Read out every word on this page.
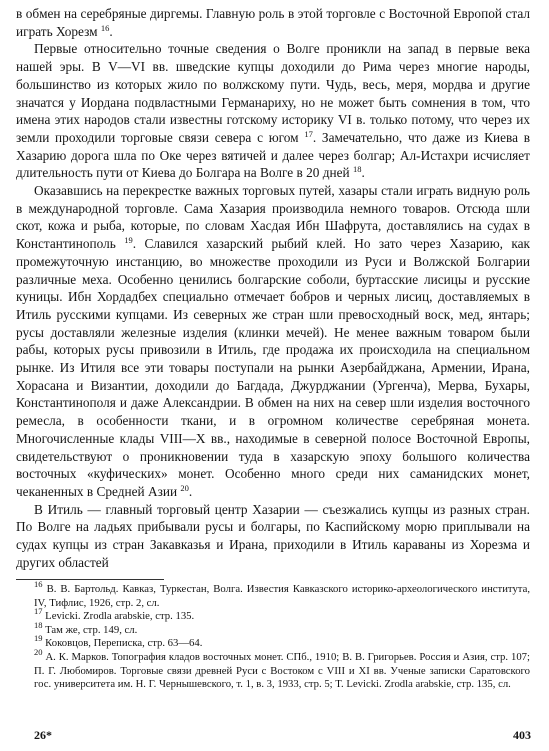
в обмен на серебряные диргемы. Главную роль в этой торговле с Восточной Европой стал играть Хорезм $^{16}$.

Первые относительно точные сведения о Волге проникли на запад в первые века нашей эры. В V—VI вв. шведские купцы доходили до Рима через многие народы, большинство из которых жило по волжскому пути. Чудь, весь, меря, мордва и другие значатся у Иордана подвластными Германариху, но не может быть сомнения в том, что имена этих народов стали известны готскому историку VI в. только потому, что через их земли проходили торговые связи севера с югом $^{17}$. Замечательно, что даже из Киева в Хазарию дорога шла по Оке через вятичей и далее через болгар; Ал-Истахри исчисляет длительность пути от Киева до Болгара на Волге в 20 дней $^{18}$.

Оказавшись на перекрестке важных торговых путей, хазары стали играть видную роль в международной торговле. Сама Хазария производила немного товаров. Отсюда шли скот, кожа и рыба, которые, по словам Хасдая Ибн Шафрута, доставлялись на судах в Константинополь $^{19}$. Славился хазарский рыбий клей. Но зато через Хазарию, как промежуточную инстанцию, во множестве проходили из Руси и Волжской Болгарии различные меха. Особенно ценились болгарские соболи, буртасские лисицы и русские куницы. Ибн Хордадбех специально отмечает бобров и черных лисиц, доставляемых в Итиль русскими купцами. Из северных же стран шли превосходный воск, мед, янтарь; русы доставляли железные изделия (клинки мечей). Не менее важным товаром были рабы, которых русы привозили в Итиль, где продажа их происходила на специальном рынке. Из Итиля все эти товары поступали на рынки Азербайджана, Армении, Ирана, Хорасана и Византии, доходили до Багдада, Джурджании (Ургенча), Мерва, Бухары, Константинополя и даже Александрии. В обмен на них на север шли изделия восточного ремесла, в особенности ткани, и в огромном количестве серебряная монета. Многочисленные клады VIII—X вв., находимые в северной полосе Восточной Европы, свидетельствуют о проникновении туда в хазарскую эпоху большого количества восточных «куфических» монет. Особенно много среди них саманидских монет, чеканенных в Средней Азии $^{20}$.

В Итиль — главный торговый центр Хазарии — съезжались купцы из разных стран. По Волге на ладьях прибывали русы и болгары, по Каспийскому морю приплывали на судах купцы из стран Закавказья и Ирана, приходили в Итиль караваны из Хорезма и других областей

$^{16}$ В. В. Бартольд. Кавказ, Туркестан, Волга. Известия Кавказского историко-археологического института, IV, Тифлис, 1926, стр. 2, сл.

$^{17}$ Levicki. Zrodla arabskie, стр. 135.

$^{18}$ Там же, стр. 149, сл.

$^{19}$ Коковцов, Переписка, стр. 63—64.

$^{20}$ А. К. Марков. Топография кладов восточных монет. СПб., 1910; В. В. Григорьев. Россия и Азия, стр. 107; П. Г. Любомиров. Торговые связи древней Руси с Востоком с VIII и XI вв. Ученые записки Саратовского гос. университета им. Н. Г. Чернышевского, т. 1, в. 3, 1933, стр. 5; T. Levicki. Zrodla arabskie, стр. 135, сл.

26*	403
